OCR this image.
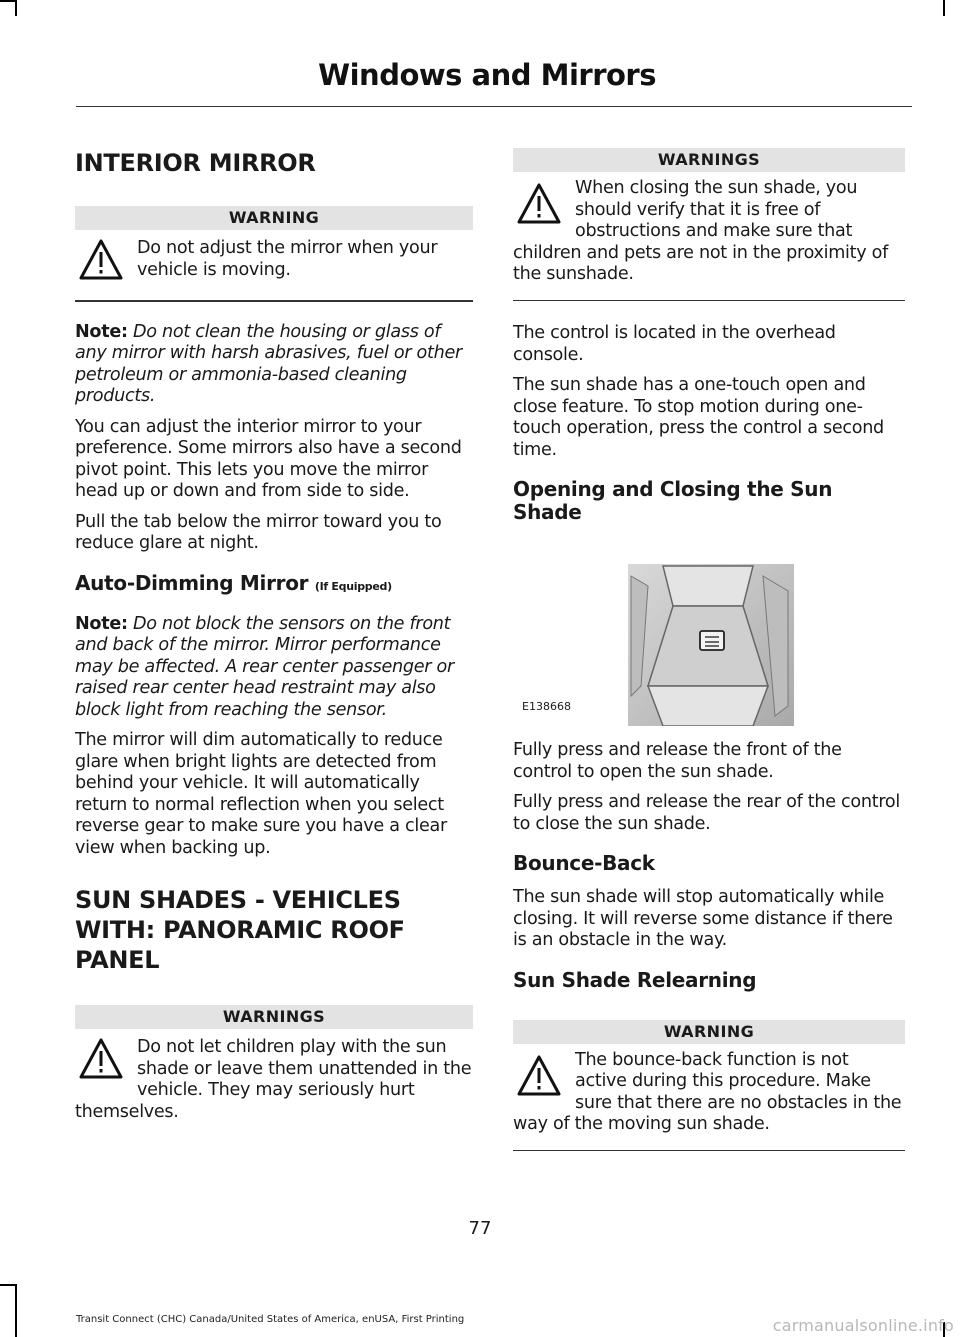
Windows and Mirrors
INTERIOR MIRROR
WARNING
Do not adjust the mirror when your vehicle is moving.

Note: Do not clean the housing or glass of any mirror with harsh abrasives, fuel or other petroleum or ammonia-based cleaning products.

You can adjust the interior mirror to your preference. Some mirrors also have a second pivot point. This lets you move the mirror head up or down and from side to side.

Pull the tab below the mirror toward you to reduce glare at night.

Auto-Dimming Mirror (If Equipped)

Note: Do not block the sensors on the front and back of the mirror. Mirror performance may be affected. A rear center passenger or raised rear center head restraint may also block light from reaching the sensor.

The mirror will dim automatically to reduce glare when bright lights are detected from behind your vehicle. It will automatically return to normal reflection when you select reverse gear to make sure you have a clear view when backing up.

SUN SHADES - VEHICLES
WITH: PANORAMIC ROOF
PANEL
WARNINGS
Do not let children play with the sun shade or leave them unattended in the vehicle. They may seriously hurt themselves.
WARNINGS
When closing the sun shade, you should verify that it is free of obstructions and make sure that children and pets are not in the proximity of the sunshade.

The control is located in the overhead console.

The sun shade has a one-touch open and close feature. To stop motion during one-touch operation, press the control a second time.

Opening and Closing the Sun Shade
E138668

Fully press and release the front of the control to open the sun shade.

Fully press and release the rear of the control to close the sun shade.

Bounce-Back

The sun shade will stop automatically while closing. It will reverse some distance if there is an obstacle in the way.

Sun Shade Relearning
WARNING
The bounce-back function is not active during this procedure. Make sure that there are no obstacles in the way of the moving sun shade.
77
Transit Connect (CHC) Canada/United States of America, enUSA, First Printing	carmanualsonline.info
